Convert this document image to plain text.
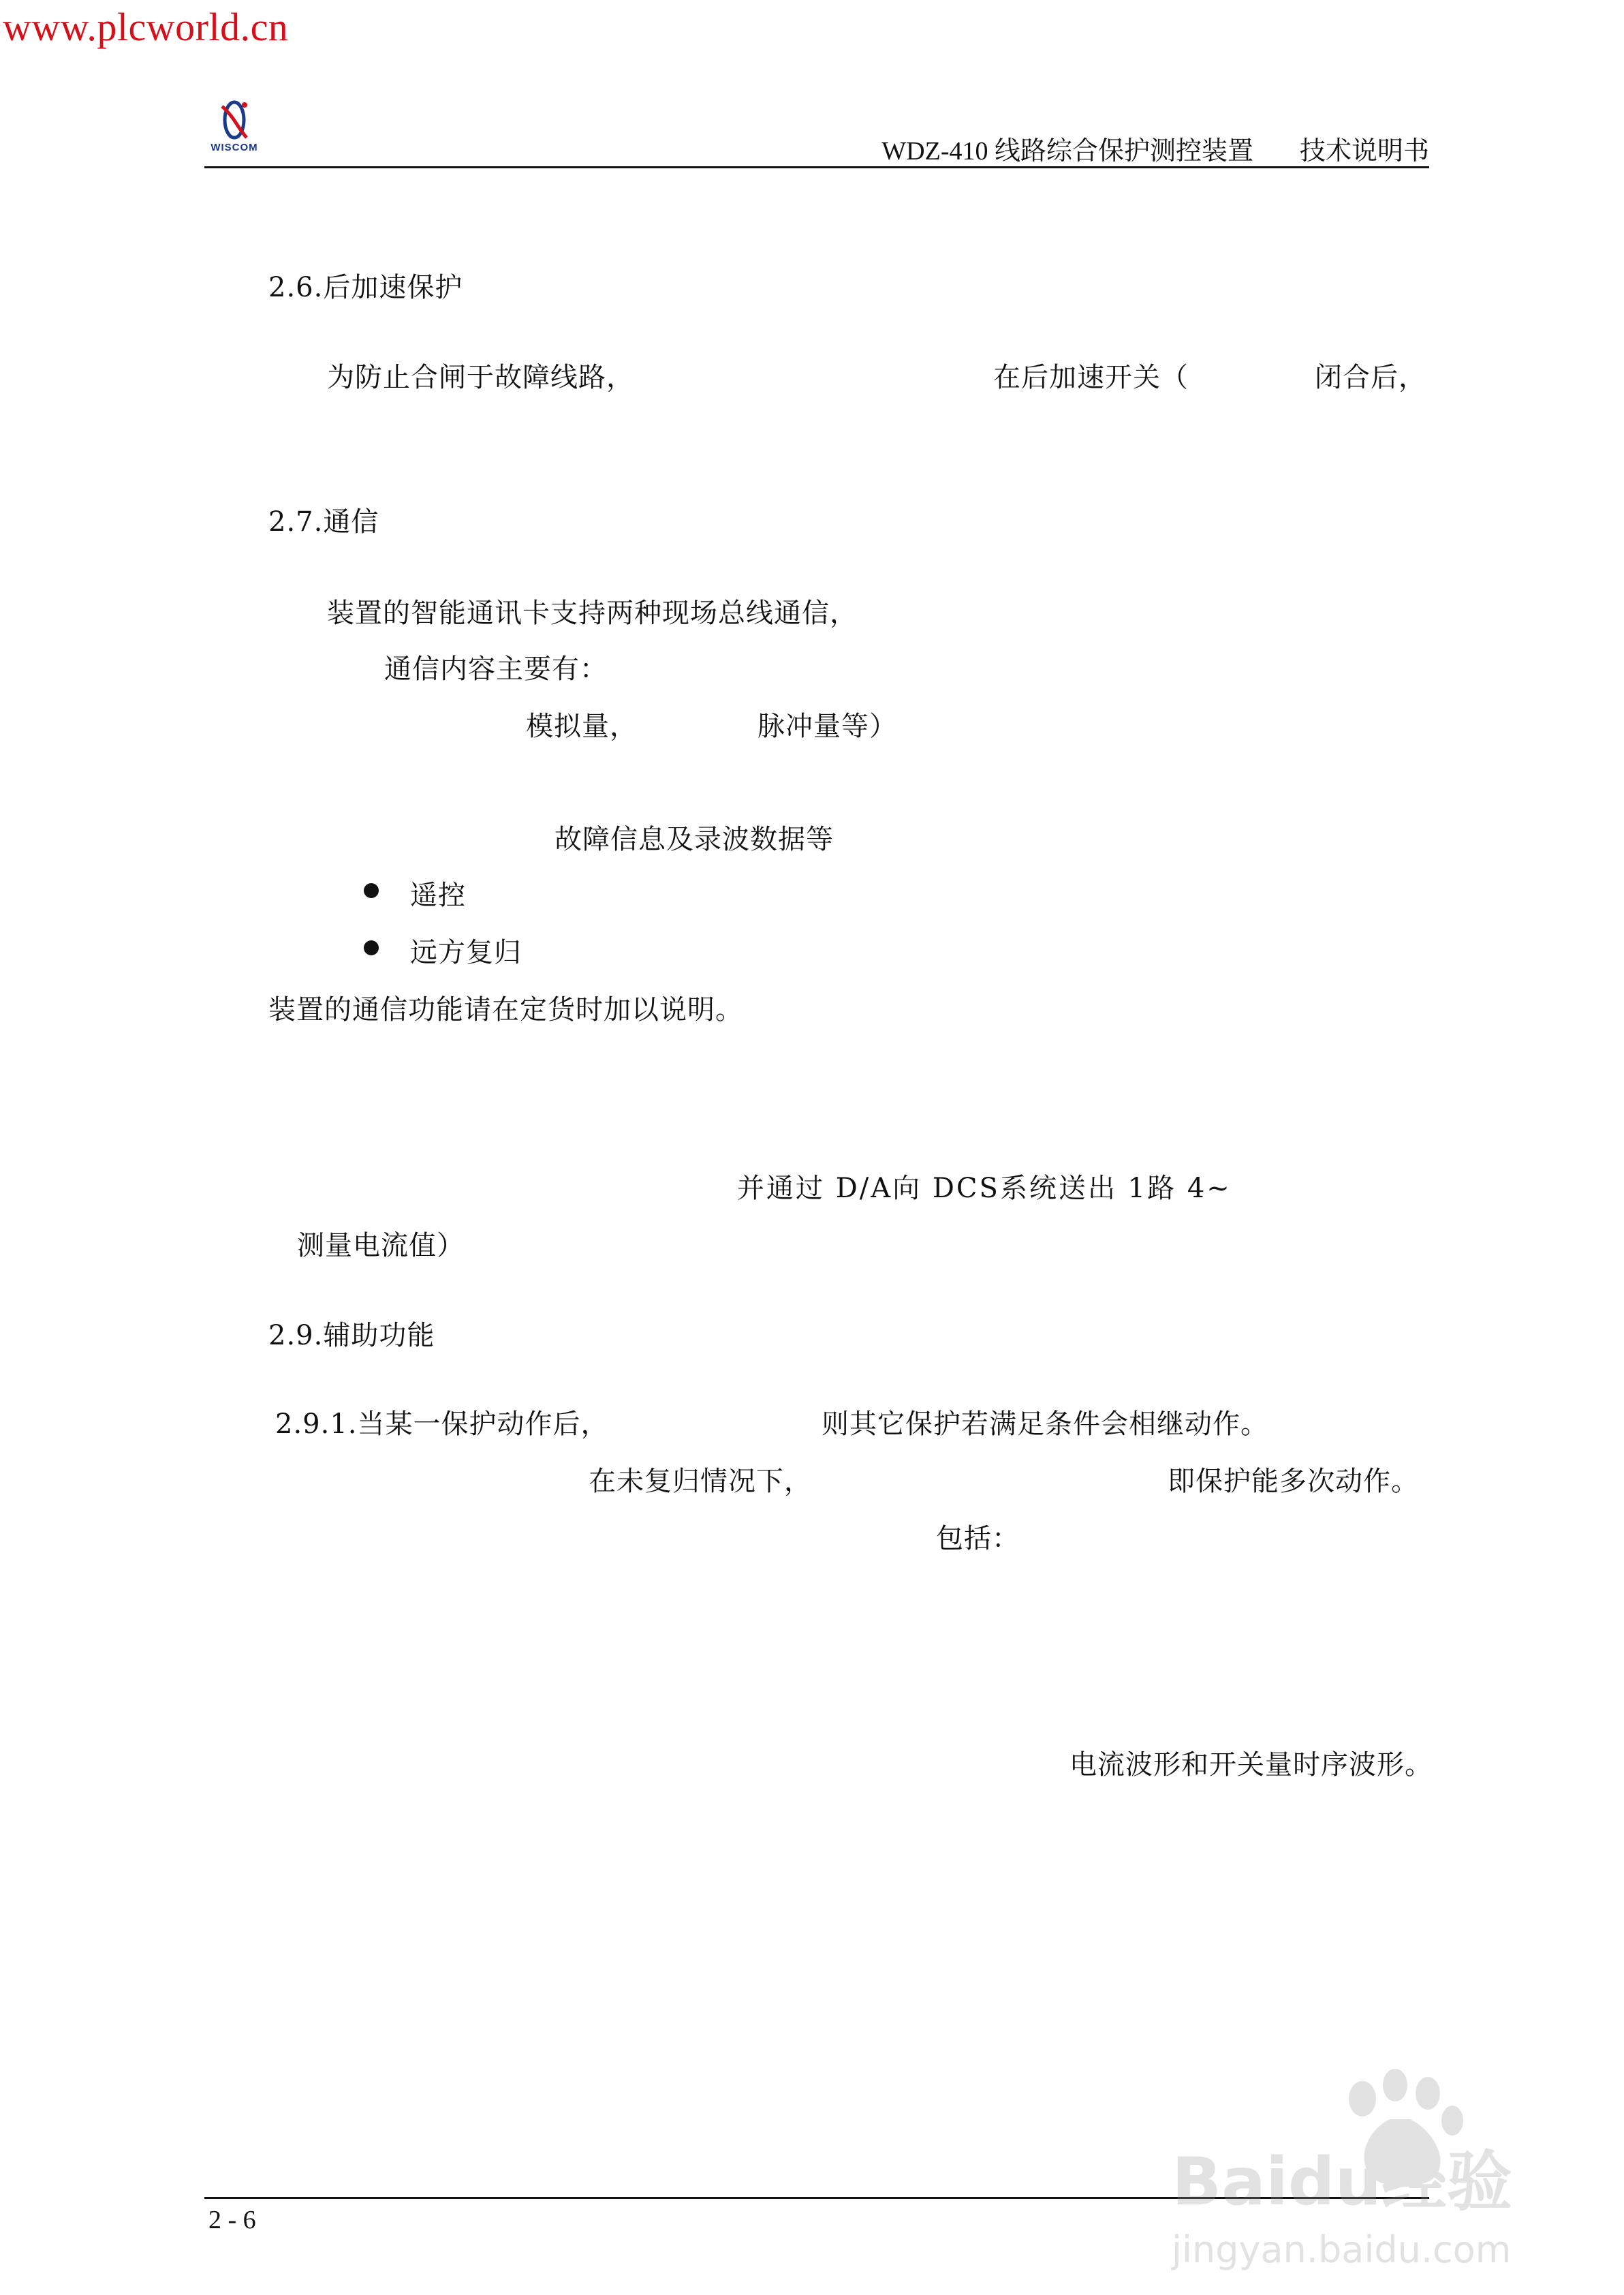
www.plcworld.cn
WISCOM	WDZ-410 线路综合保护测控装置 技术说明书
2.6.后加速保护
为防止合闸于故障线路，	在后加速开关（	闭合后，
2.7.通信
装置的智能通讯卡支持两种现场总线通信，
通信内容主要有：
模拟量，	脉冲量等）
故障信息及录波数据等
遥控
远方复归
装置的通信功能请在定货时加以说明。
并通过 D/A向 DCS系统送出 1路 4~
测量电流值）
2.9.辅助功能
2.9.1.当某一保护动作后，	则其它保护若满足条件会相继动作。
在未复归情况下，	即保护能多次动作。
包括：
电流波形和开关量时序波形。
2 - 6	Baidu经验
jingyan.baidu.com
